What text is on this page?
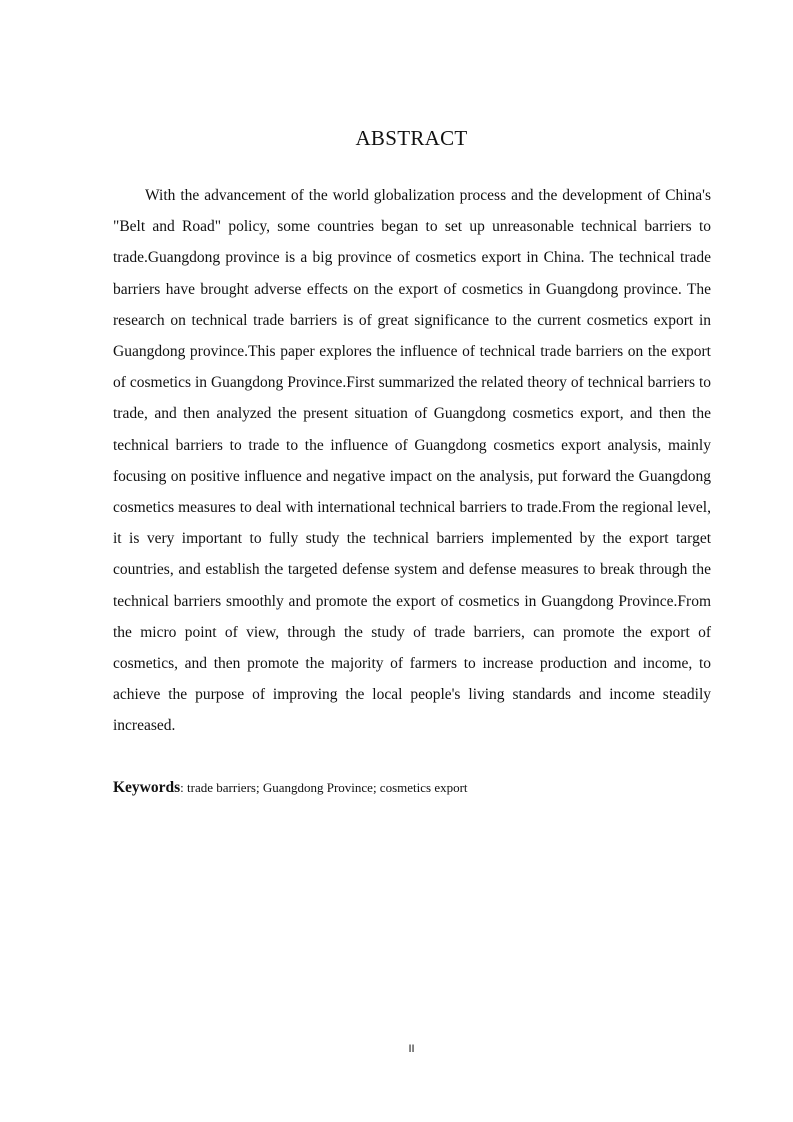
ABSTRACT

With the advancement of the world globalization process and the development of China's "Belt and Road" policy, some countries began to set up unreasonable technical barriers to trade.Guangdong province is a big province of cosmetics export in China. The technical trade barriers have brought adverse effects on the export of cosmetics in Guangdong province. The research on technical trade barriers is of great significance to the current cosmetics export in Guangdong province.This paper explores the influence of technical trade barriers on the export of cosmetics in Guangdong Province.First summarized the related theory of technical barriers to trade, and then analyzed the present situation of Guangdong cosmetics export, and then the technical barriers to trade to the influence of Guangdong cosmetics export analysis, mainly focusing on positive influence and negative impact on the analysis, put forward the Guangdong cosmetics measures to deal with international technical barriers to trade.From the regional level, it is very important to fully study the technical barriers implemented by the export target countries, and establish the targeted defense system and defense measures to break through the technical barriers smoothly and promote the export of cosmetics in Guangdong Province.From the micro point of view, through the study of trade barriers, can promote the export of cosmetics, and then promote the majority of farmers to increase production and income, to achieve the purpose of improving the local people's living standards and income steadily increased.

Keywords: trade barriers; Guangdong Province; cosmetics export

II
